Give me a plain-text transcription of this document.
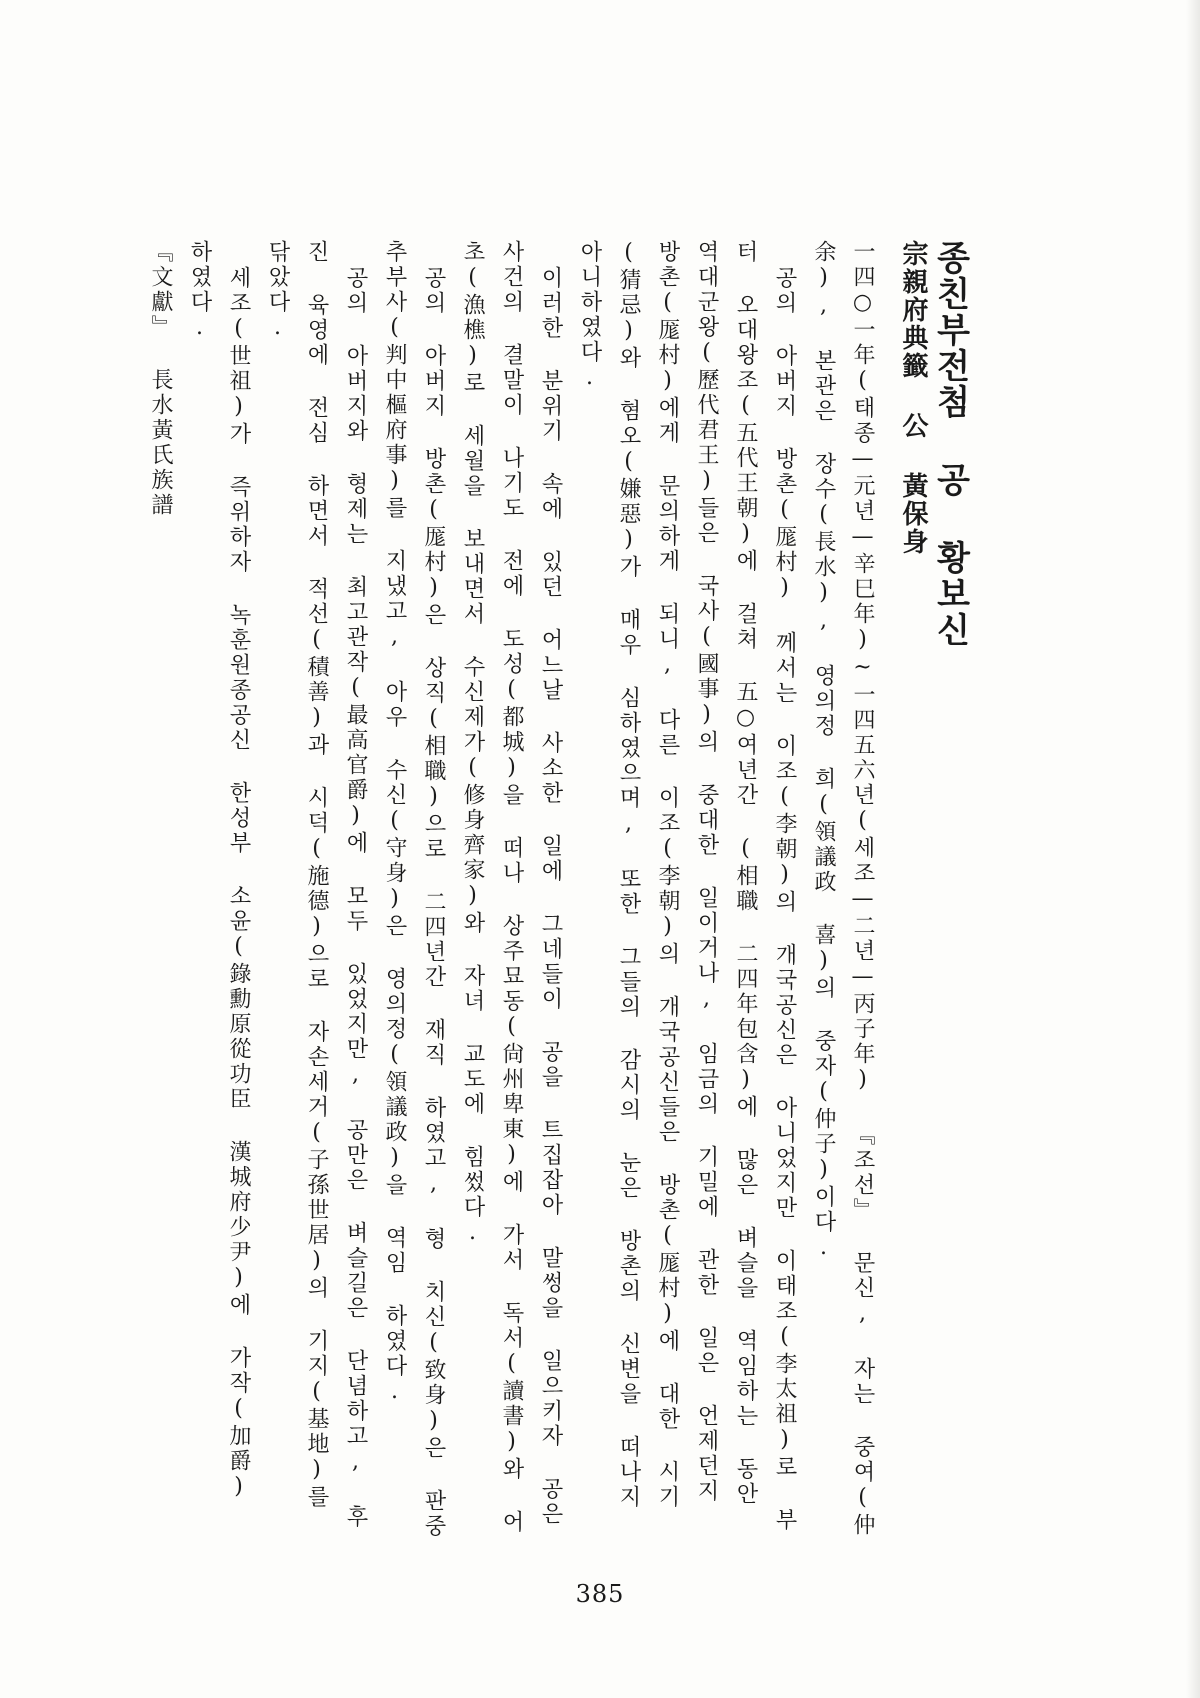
종친부전첨 공 황보신
宗親府典籤 公 黃保身

一四○一年(태종—元년—辛巳年)~一四五六년(세조—二년—丙子年) 『조선』 문신, 자는 중여(仲余), 본관은 장수(長水), 영의정 희(領議政 喜)의 중자(仲子)이다.

공의 아버지 방촌(厖村) 께서는 이조(李朝)의 개국공신은 아니었지만 이태조(李太祖)로 부터 오대왕조(五代王朝)에 걸쳐 五○여년간 (相職 二四年包含)에 많은 벼슬을 역임하는 동안 역대군왕(歷代君王)들은 국사(國事)의 중대한 일이거나, 임금의 기밀에 관한 일은 언제던지 방촌(厖村)에게 문의하게 되니, 다른 이조(李朝)의 개국공신들은 방촌(厖村)에 대한 시기(猜忌)와 혐오(嫌惡)가 매우 심하였으며, 또한 그들의 감시의 눈은 방촌의 신변을 떠나지 아니하였다.

이러한 분위기 속에 있던 어느날 사소한 일에 그네들이 공을 트집잡아 말썽을 일으키자 공은 사건의 결말이 나기도 전에 도성(都城)을 떠나 상주묘동(尙州卑東)에 가서 독서(讀書)와 어초(漁樵)로 세월을 보내면서 수신제가(修身齊家)와 자녀 교도에 힘썼다.

공의 아버지 방촌(厖村)은 상직(相職)으로 二四년간 재직 하였고, 형 치신(致身)은 판중추부사(判中樞府事)를 지냈고, 아우 수신(守身)은 영의정(領議政)을 역임 하였다.

공의 아버지와 형제는 최고관작(最高官爵)에 모두 있었지만, 공만은 벼슬길은 단념하고, 후진 육영에 전심 하면서 적선(積善)과 시덕(施德)으로 자손세거(子孫世居)의 기지(基地)를 닦았다.

세조(世祖)가 즉위하자 녹훈원종공신 한성부 소윤(錄勳原從功臣 漢城府少尹)에 가작(加爵) 하였다.

『文獻』 長水黃氏族譜

385
